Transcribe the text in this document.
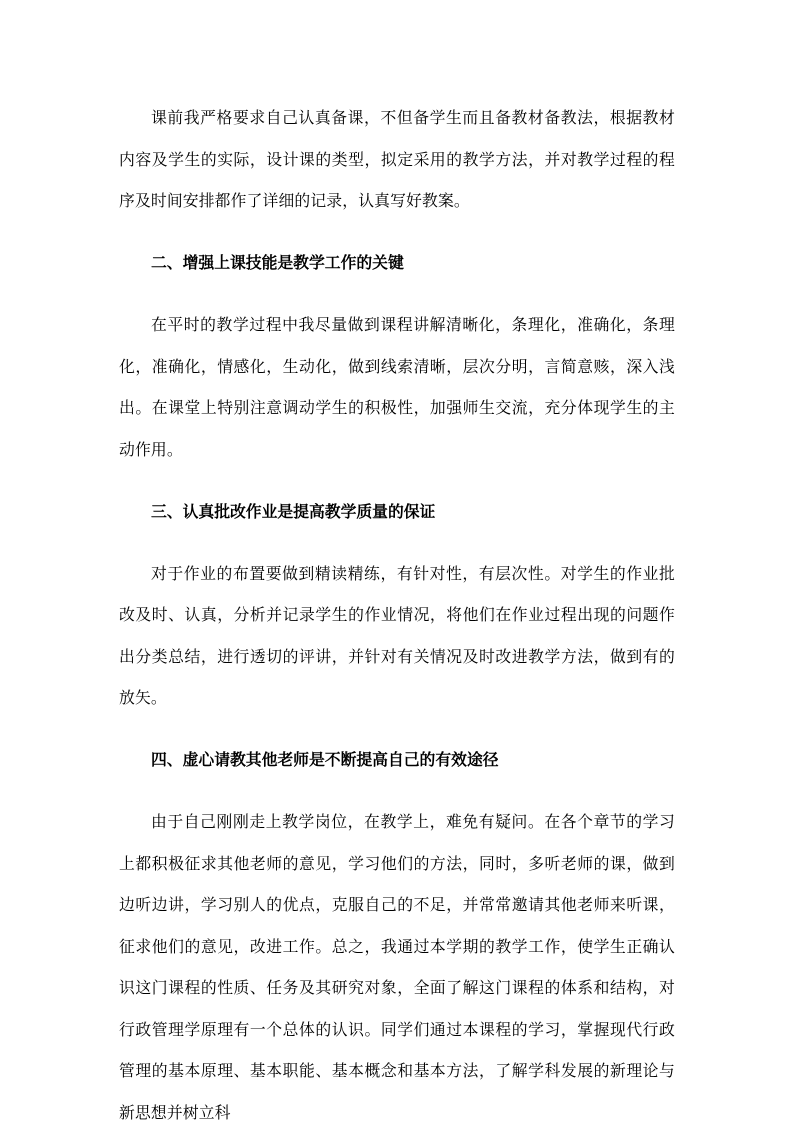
课前我严格要求自己认真备课，不但备学生而且备教材备教法，根据教材内容及学生的实际，设计课的类型，拟定采用的教学方法，并对教学过程的程序及时间安排都作了详细的记录，认真写好教案。

二、增强上课技能是教学工作的关键

在平时的教学过程中我尽量做到课程讲解清晰化，条理化，准确化，条理化，准确化，情感化，生动化，做到线索清晰，层次分明，言简意赅，深入浅出。在课堂上特别注意调动学生的积极性，加强师生交流，充分体现学生的主动作用。

三、认真批改作业是提高教学质量的保证

对于作业的布置要做到精读精练，有针对性，有层次性。对学生的作业批改及时、认真，分析并记录学生的作业情况，将他们在作业过程出现的问题作出分类总结，进行透切的评讲，并针对有关情况及时改进教学方法，做到有的放矢。

四、虚心请教其他老师是不断提高自己的有效途径

由于自己刚刚走上教学岗位，在教学上，难免有疑问。在各个章节的学习上都积极征求其他老师的意见，学习他们的方法，同时，多听老师的课，做到边听边讲，学习别人的优点，克服自己的不足，并常常邀请其他老师来听课，征求他们的意见，改进工作。总之，我通过本学期的教学工作，使学生正确认识这门课程的性质、任务及其研究对象，全面了解这门课程的体系和结构，对行政管理学原理有一个总体的认识。同学们通过本课程的学习，掌握现代行政管理的基本原理、基本职能、基本概念和基本方法，了解学科发展的新理论与新思想并树立科
